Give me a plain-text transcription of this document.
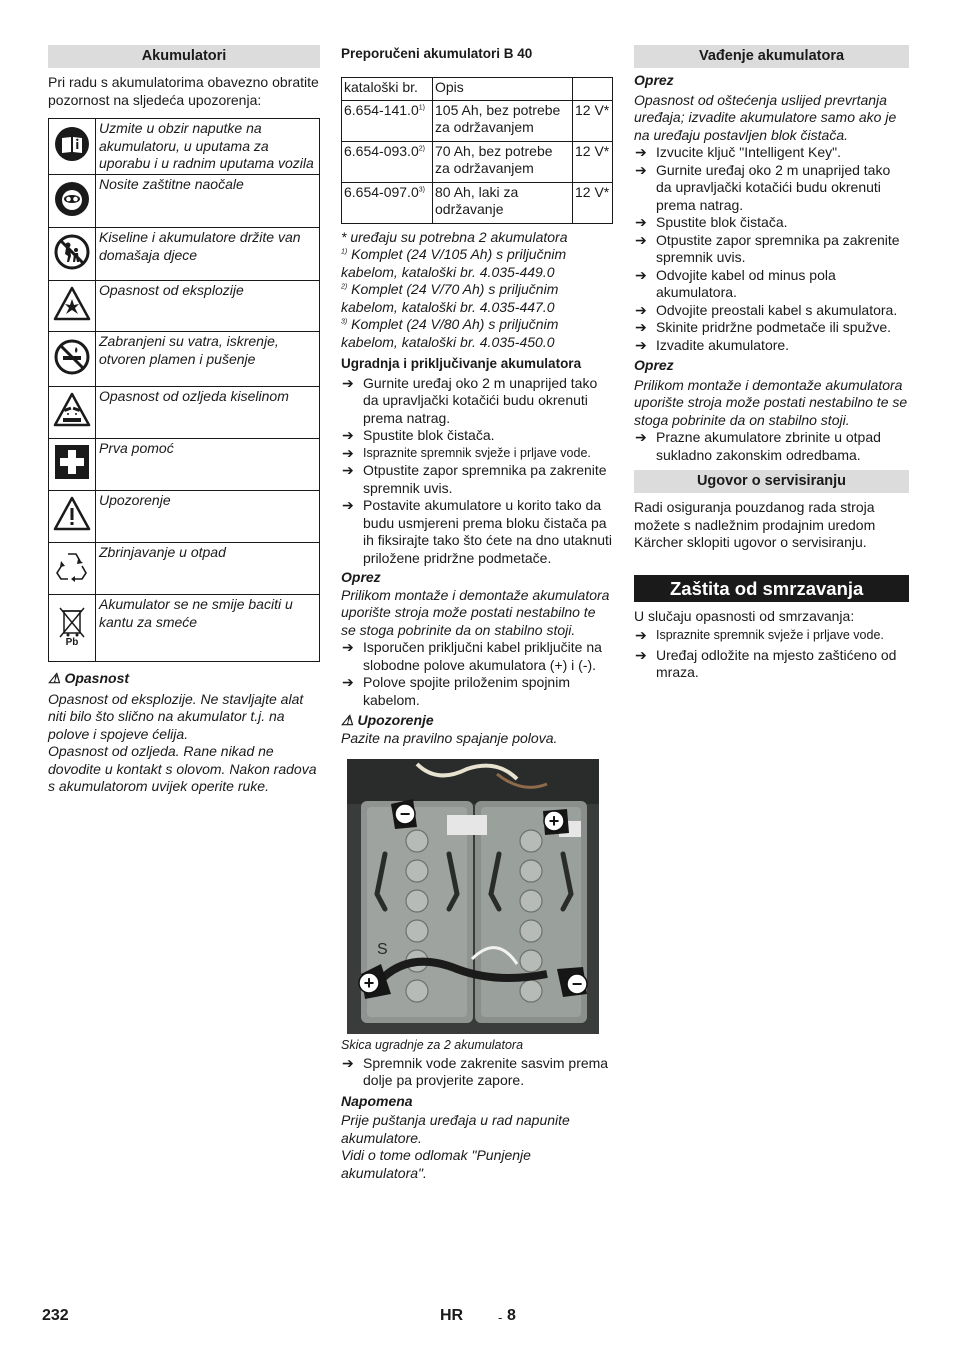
Akumulatori

Pri radu s akumulatorima obavezno obratite pozornost na sljedeća upozorenja:

	Uzmite u obzir naputke na akumulatoru, u uputama za uporabu i u radnim uputama vozila
	Nosite zaštitne naočale
	Kiseline i akumulatore držite van domašaja djece
	Opasnost od eksplozije
	Zabranjeni su vatra, iskrenje, otvoren plamen i pušenje
	Opasnost od ozljeda kiselinom
	Prva pomoć
	Upozorenje
	Zbrinjavanje u otpad

Pb	Akumulator se ne smije baciti u kantu za smeće

⚠ Opasnost

Opasnost od eksplozije. Ne stavljajte alat niti bilo što slično na akumulator t.j. na polove i spojeve ćelija.

Opasnost od ozljeda. Rane nikad ne dovodite u kontakt s olovom. Nakon radova s akumulatorom uvijek operite ruke.

Preporučeni akumulatori B 40
kataloški br.	Opis	
6.654-141.0$^{1)}$	105 Ah, bez potrebe za održavanjem	12 V*
6.654-093.0$^{2)}$	70 Ah, bez potrebe za održavanjem	12 V*
6.654-097.0$^{3)}$	80 Ah, laki za održavanje	12 V*

* uređaju su potrebna 2 akumulatora

$^{1)}$ Komplet (24 V/105 Ah) s priljučnim kabelom, kataloški br. 4.035-449.0

$^{2)}$ Komplet (24 V/70 Ah) s priljučnim kabelom, kataloški br. 4.035-447.0

$^{3)}$ Komplet (24 V/80 Ah) s priljučnim kabelom, kataloški br. 4.035-450.0

Ugradnja i priključivanje akumulatora
➔ Gurnite uređaj oko 2 m unaprijed tako da upravljački kotačići budu okrenuti prema natrag.
➔ Spustite blok čistača.
➔ Ispraznite spremnik svježe i prljave vode.
➔ Otpustite zapor spremnika pa zakrenite spremnik uvis.
➔ Postavite akumulatore u korito tako da budu usmjereni prema bloku čistača pa ih fiksirajte tako što ćete na dno utaknuti priložene pridržne podmetače.

Oprez

Prilikom montaže i demontaže akumulatora uporište stroja može postati nestabilno te se stoga pobrinite da on stabilno stoji.

➔ Isporučen priključni kabel priključite na slobodne polove akumulatora (+) i (-).
➔ Polove spojite priloženim spojnim kabelom.

⚠ Upozorenje

Pazite na pravilno spajanje polova.

S
−	+
+	−

Skica ugradnje za 2 akumulatora

➔ Spremnik vode zakrenite sasvim prema dolje pa provjerite zapore.

Napomena

Prije puštanja uređaja u rad napunite akumulatore.

Vidi o tome odlomak "Punjenje akumulatora".

Vađenje akumulatora

Oprez

Opasnost od oštećenja uslijed prevrtanja uređaja; izvadite akumulatore samo ako je na uređaju postavljen blok čistača.

➔ Izvucite ključ "Intelligent Key".
➔ Gurnite uređaj oko 2 m unaprijed tako da upravljački kotačići budu okrenuti prema natrag.
➔ Spustite blok čistača.
➔ Otpustite zapor spremnika pa zakrenite spremnik uvis.
➔ Odvojite kabel od minus pola akumulatora.
➔ Odvojite preostali kabel s akumulatora.
➔ Skinite pridržne podmetače ili spužve.
➔ Izvadite akumulatore.

Oprez

Prilikom montaže i demontaže akumulatora uporište stroja može postati nestabilno te se stoga pobrinite da on stabilno stoji.

➔ Prazne akumulatore zbrinite u otpad sukladno zakonskim odredbama.
Ugovor o servisiranju

Radi osiguranja pouzdanog rada stroja možete s nadležnim prodajnim uredom Kärcher sklopiti ugovor o servisiranju.

Zaštita od smrzavanja

U slučaju opasnosti od smrzavanja:

➔ Ispraznite spremnik svježe i prljave vode.
➔ Uređaj odložite na mjesto zaštićeno od mraza.
232	HR	- 8
